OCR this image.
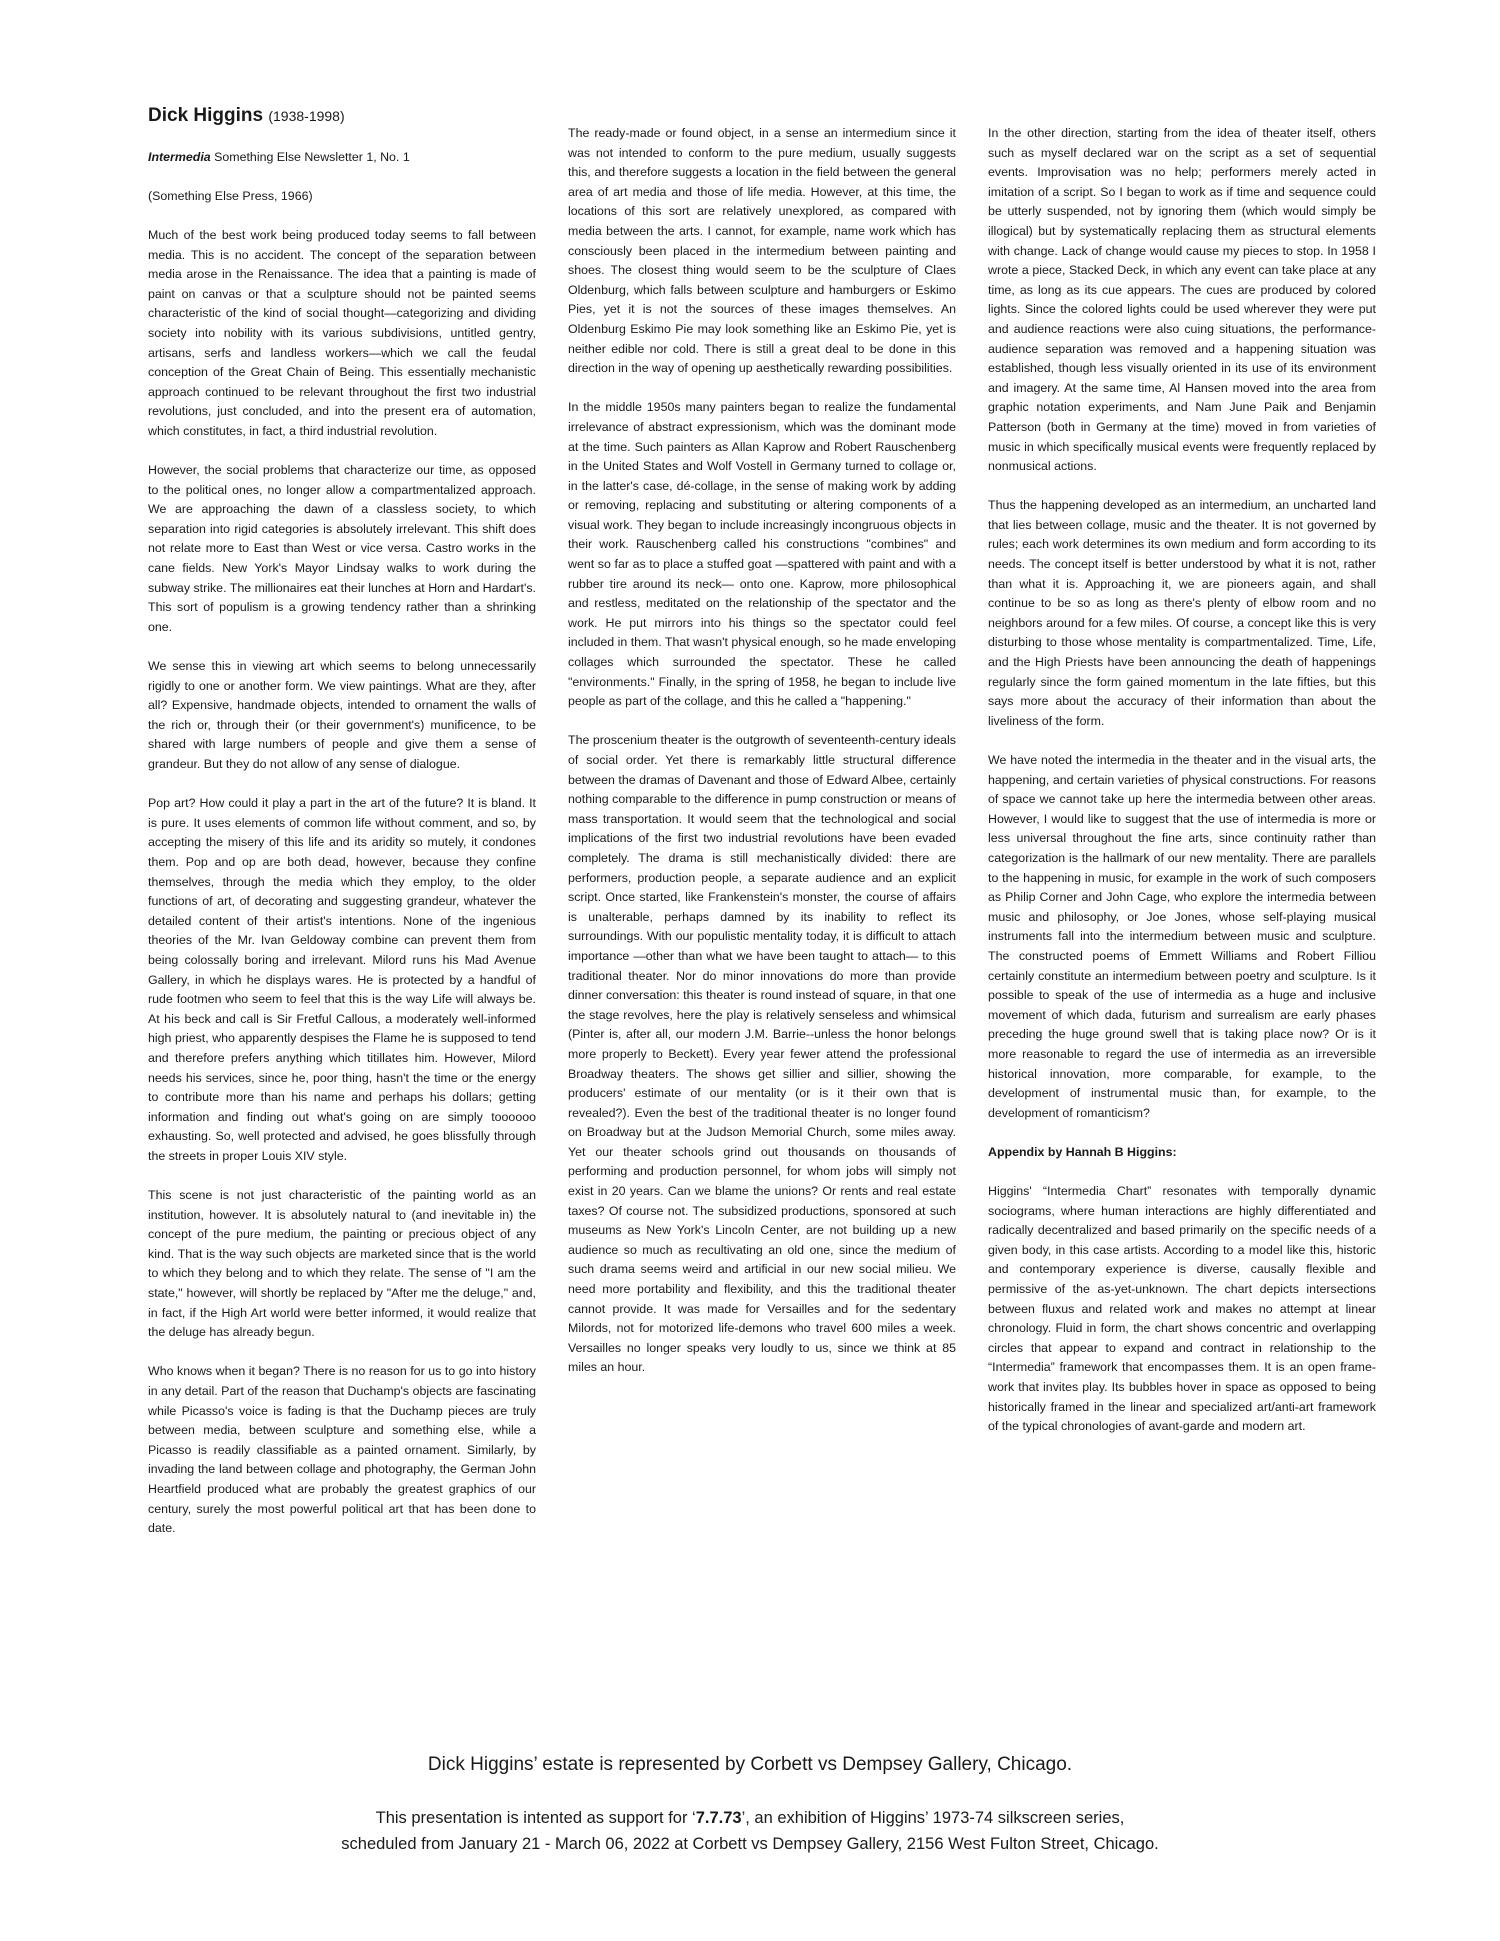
Dick Higgins (1938-1998)

Intermedia Something Else Newsletter 1, No. 1

(Something Else Press, 1966)

Much of the best work being produced today seems to fall between media. This is no accident. The concept of the separation between media arose in the Renaissance. The idea that a painting is made of paint on canvas or that a sculpture should not be painted seems characteristic of the kind of social thought—categorizing and dividing society into nobility with its various subdivisions, untitled gentry, artisans, serfs and landless workers—which we call the feudal conception of the Great Chain of Being. This essentially mechanistic approach continued to be relevant throughout the first two industrial revolutions, just concluded, and into the present era of automation, which constitutes, in fact, a third industrial revolution.

However, the social problems that characterize our time, as opposed to the political ones, no longer allow a compartmentalized approach. We are approaching the dawn of a classless society, to which separation into rigid categories is absolutely irrelevant. This shift does not relate more to East than West or vice versa. Castro works in the cane fields. New York's Mayor Lindsay walks to work during the subway strike. The millionaires eat their lunches at Horn and Hardart's. This sort of populism is a growing tendency rather than a shrinking one.

We sense this in viewing art which seems to belong unnecessarily rigidly to one or another form. We view paintings. What are they, after all? Expensive, handmade objects, intended to ornament the walls of the rich or, through their (or their government's) munificence, to be shared with large numbers of people and give them a sense of grandeur. But they do not allow of any sense of dialogue.

Pop art? How could it play a part in the art of the future? It is bland. It is pure. It uses elements of common life without comment, and so, by accepting the misery of this life and its aridity so mutely, it condones them. Pop and op are both dead, however, because they confine themselves, through the media which they employ, to the older functions of art, of decorating and suggesting grandeur, whatever the detailed content of their artist's intentions. None of the ingenious theories of the Mr. Ivan Geldoway combine can prevent them from being colossally boring and irrelevant. Milord runs his Mad Avenue Gallery, in which he displays wares. He is protected by a handful of rude footmen who seem to feel that this is the way Life will always be. At his beck and call is Sir Fretful Callous, a moderately well-informed high priest, who apparently despises the Flame he is supposed to tend and therefore prefers anything which titillates him. However, Milord needs his services, since he, poor thing, hasn't the time or the energy to contribute more than his name and perhaps his dollars; getting information and finding out what's going on are simply toooooo exhausting. So, well protected and advised, he goes blissfully through the streets in proper Louis XIV style.

This scene is not just characteristic of the painting world as an institution, however. It is absolutely natural to (and inevitable in) the concept of the pure medium, the painting or precious object of any kind. That is the way such objects are marketed since that is the world to which they belong and to which they relate. The sense of "I am the state," however, will shortly be replaced by "After me the deluge," and, in fact, if the High Art world were better informed, it would realize that the deluge has already begun.

Who knows when it began? There is no reason for us to go into history in any detail. Part of the reason that Duchamp's objects are fascinating while Picasso's voice is fading is that the Duchamp pieces are truly between media, between sculpture and something else, while a Picasso is readily classifiable as a painted ornament. Similarly, by invading the land between collage and photography, the German John Heartfield produced what are probably the greatest graphics of our century, surely the most powerful political art that has been done to date.

The ready-made or found object, in a sense an intermedium since it was not intended to conform to the pure medium, usually suggests this, and therefore suggests a location in the field between the general area of art media and those of life media. However, at this time, the locations of this sort are relatively unexplored, as compared with media between the arts. I cannot, for example, name work which has consciously been placed in the intermedium between painting and shoes. The closest thing would seem to be the sculpture of Claes Oldenburg, which falls between sculpture and hamburgers or Eskimo Pies, yet it is not the sources of these images themselves. An Oldenburg Eskimo Pie may look something like an Eskimo Pie, yet is neither edible nor cold. There is still a great deal to be done in this direction in the way of opening up aesthetically rewarding possibilities.

In the middle 1950s many painters began to realize the fundamental irrelevance of abstract expressionism, which was the dominant mode at the time. Such painters as Allan Kaprow and Robert Rauschenberg in the United States and Wolf Vostell in Germany turned to collage or, in the latter's case, dé-collage, in the sense of making work by adding or removing, replacing and substituting or altering components of a visual work. They began to include increasingly incongruous objects in their work. Rauschenberg called his constructions "combines" and went so far as to place a stuffed goat —spattered with paint and with a rubber tire around its neck— onto one. Kaprow, more philosophical and restless, meditated on the relationship of the spectator and the work. He put mirrors into his things so the spectator could feel included in them. That wasn't physical enough, so he made enveloping collages which surrounded the spectator. These he called "environments." Finally, in the spring of 1958, he began to include live people as part of the collage, and this he called a "happening."

The proscenium theater is the outgrowth of seventeenth-century ideals of social order. Yet there is remarkably little structural difference between the dramas of Davenant and those of Edward Albee, certainly nothing comparable to the difference in pump construction or means of mass transportation. It would seem that the technological and social implications of the first two industrial revolutions have been evaded completely. The drama is still mechanistically divided: there are performers, production people, a separate audience and an explicit script. Once started, like Frankenstein's monster, the course of affairs is unalterable, perhaps damned by its inability to reflect its surroundings. With our populistic mentality today, it is difficult to attach importance —other than what we have been taught to attach— to this traditional theater. Nor do minor innovations do more than provide dinner conversation: this theater is round instead of square, in that one the stage revolves, here the play is relatively senseless and whimsical (Pinter is, after all, our modern J.M. Barrie--unless the honor belongs more properly to Beckett). Every year fewer attend the professional Broadway theaters. The shows get sillier and sillier, showing the producers' estimate of our mentality (or is it their own that is revealed?). Even the best of the traditional theater is no longer found on Broadway but at the Judson Memorial Church, some miles away. Yet our theater schools grind out thousands on thousands of performing and production personnel, for whom jobs will simply not exist in 20 years. Can we blame the unions? Or rents and real estate taxes? Of course not. The subsidized productions, sponsored at such museums as New York's Lincoln Center, are not building up a new audience so much as recultivating an old one, since the medium of such drama seems weird and artificial in our new social milieu. We need more portability and flexibility, and this the traditional theater cannot provide. It was made for Versailles and for the sedentary Milords, not for motorized life-demons who travel 600 miles a week. Versailles no longer speaks very loudly to us, since we think at 85 miles an hour.

In the other direction, starting from the idea of theater itself, others such as myself declared war on the script as a set of sequential events. Improvisation was no help; performers merely acted in imitation of a script. So I began to work as if time and sequence could be utterly suspended, not by ignoring them (which would simply be illogical) but by systematically replacing them as structural elements with change. Lack of change would cause my pieces to stop. In 1958 I wrote a piece, Stacked Deck, in which any event can take place at any time, as long as its cue appears. The cues are produced by colored lights. Since the colored lights could be used wherever they were put and audience reactions were also cuing situations, the performance-audience separation was removed and a happening situation was established, though less visually oriented in its use of its environment and imagery. At the same time, Al Hansen moved into the area from graphic notation experiments, and Nam June Paik and Benjamin Patterson (both in Germany at the time) moved in from varieties of music in which specifically musical events were frequently replaced by nonmusical actions.

Thus the happening developed as an intermedium, an uncharted land that lies between collage, music and the theater. It is not governed by rules; each work determines its own medium and form according to its needs. The concept itself is better understood by what it is not, rather than what it is. Approaching it, we are pioneers again, and shall continue to be so as long as there's plenty of elbow room and no neighbors around for a few miles. Of course, a concept like this is very disturbing to those whose mentality is compartmentalized. Time, Life, and the High Priests have been announcing the death of happenings regularly since the form gained momentum in the late fifties, but this says more about the accuracy of their information than about the liveliness of the form.

We have noted the intermedia in the theater and in the visual arts, the happening, and certain varieties of physical constructions. For reasons of space we cannot take up here the intermedia between other areas. However, I would like to suggest that the use of intermedia is more or less universal throughout the fine arts, since continuity rather than categorization is the hallmark of our new mentality. There are parallels to the happening in music, for example in the work of such composers as Philip Corner and John Cage, who explore the intermedia between music and philosophy, or Joe Jones, whose self-playing musical instruments fall into the intermedium between music and sculpture. The constructed poems of Emmett Williams and Robert Filliou certainly constitute an intermedium between poetry and sculpture. Is it possible to speak of the use of intermedia as a huge and inclusive movement of which dada, futurism and surrealism are early phases preceding the huge ground swell that is taking place now? Or is it more reasonable to regard the use of intermedia as an irreversible historical innovation, more comparable, for example, to the development of instrumental music than, for example, to the development of romanticism?

Appendix by Hannah B Higgins:

Higgins' “Intermedia Chart” resonates with temporally dynamic sociograms, where human interactions are highly differentiated and radically decentralized and based primarily on the specific needs of a given body, in this case artists. According to a model like this, historic and contemporary experience is diverse, causally flexible and permissive of the as-yet-unknown. The chart depicts intersections between fluxus and related work and makes no attempt at linear chronology. Fluid in form, the chart shows concentric and overlapping circles that appear to expand and contract in relationship to the “Intermedia” framework that encompasses them. It is an open frame-work that invites play. Its bubbles hover in space as opposed to being historically framed in the linear and specialized art/anti-art framework of the typical chronologies of avant-garde and modern art.

Dick Higgins’ estate is represented by Corbett vs Dempsey Gallery, Chicago.
This presentation is intented as support for ‘7.7.73’, an exhibition of Higgins’ 1973-74 silkscreen series,
scheduled from January 21 - March 06, 2022 at Corbett vs Dempsey Gallery, 2156 West Fulton Street, Chicago.
